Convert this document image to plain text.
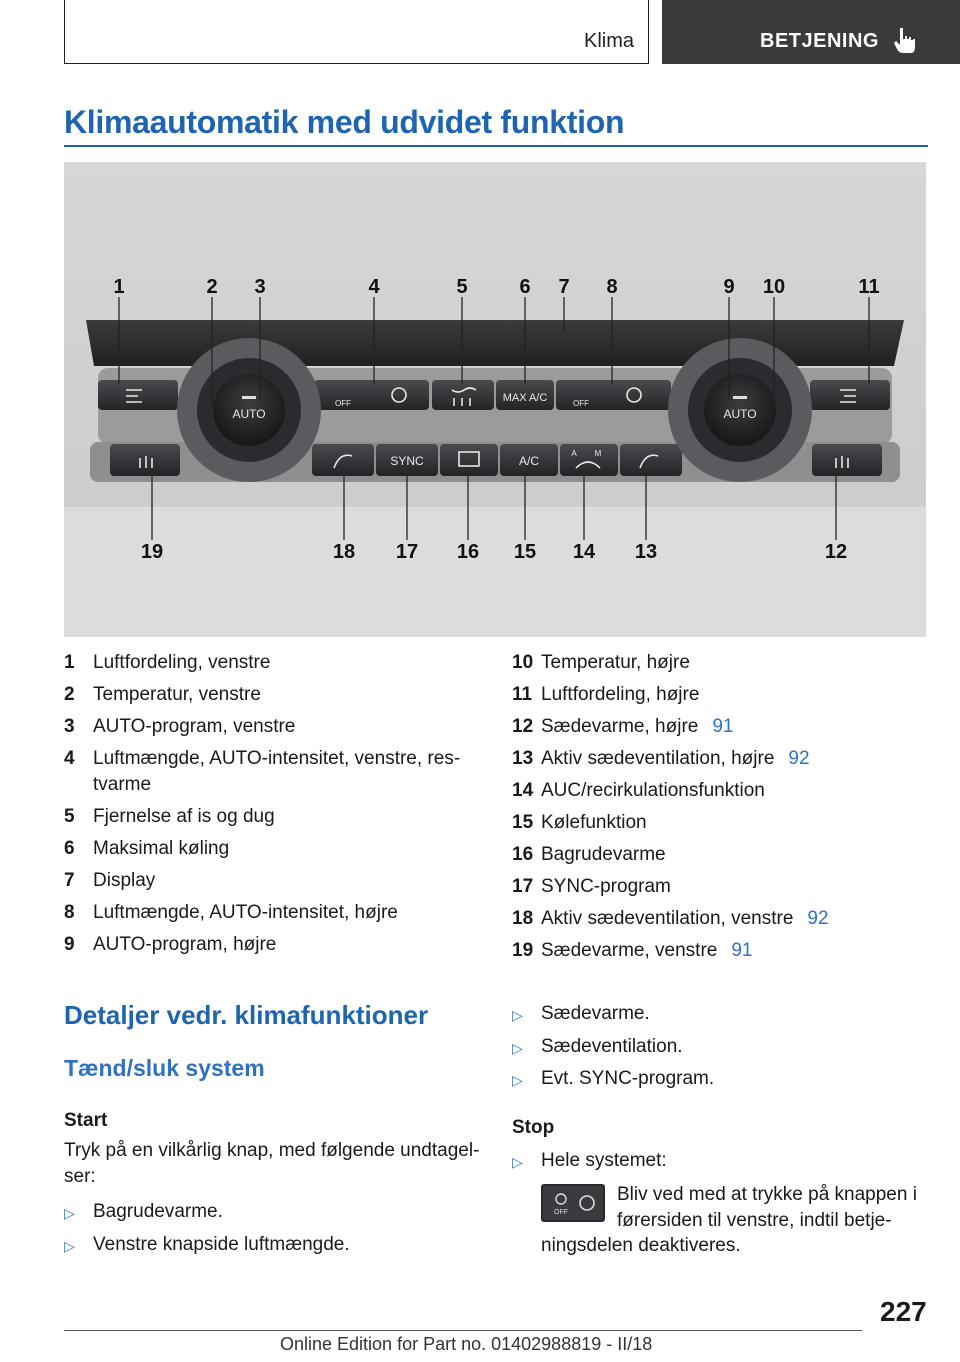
Klima	BETJENING
Klimaautomatik med udvidet funktion
AUTO	AUTO
OFF	OFF
MAX A/C
SYNC	A/C
A M
1	2 3	4	5	6 7 8	9 10	11
19	18 17 16 15 14 13	12
1 Luftfordeling, venstre
2 Temperatur, venstre
3 AUTO-program, venstre
4 Luftmængde, AUTO-intensitet, venstre, res-
tvarme
5 Fjernelse af is og dug
6 Maksimal køling
7 Display
8 Luftmængde, AUTO-intensitet, højre
9 AUTO-program, højre
10 Temperatur, højre
11 Luftfordeling, højre
12 Sædevarme, højre 91
13 Aktiv sædeventilation, højre 92
14 AUC/recirkulationsfunktion
15 Kølefunktion
16 Bagrudevarme
17 SYNC-program
18 Aktiv sædeventilation, venstre 92
19 Sædevarme, venstre 91
Detaljer vedr. klimafunktioner
Tænd/sluk system
Start
Tryk på en vilkårlig knap, med følgende undtagel-
ser:
▷ Bagrudevarme.
▷ Venstre knapside luftmængde.
▷ Sædevarme.
▷ Sædeventilation.
▷ Evt. SYNC-program.
Stop
▷ Hele systemet:
OFF
Bliv ved med at trykke på knappen i
førersiden til venstre, indtil betje-
ningsdelen deaktiveres.
227
Online Edition for Part no. 01402988819 - II/18
